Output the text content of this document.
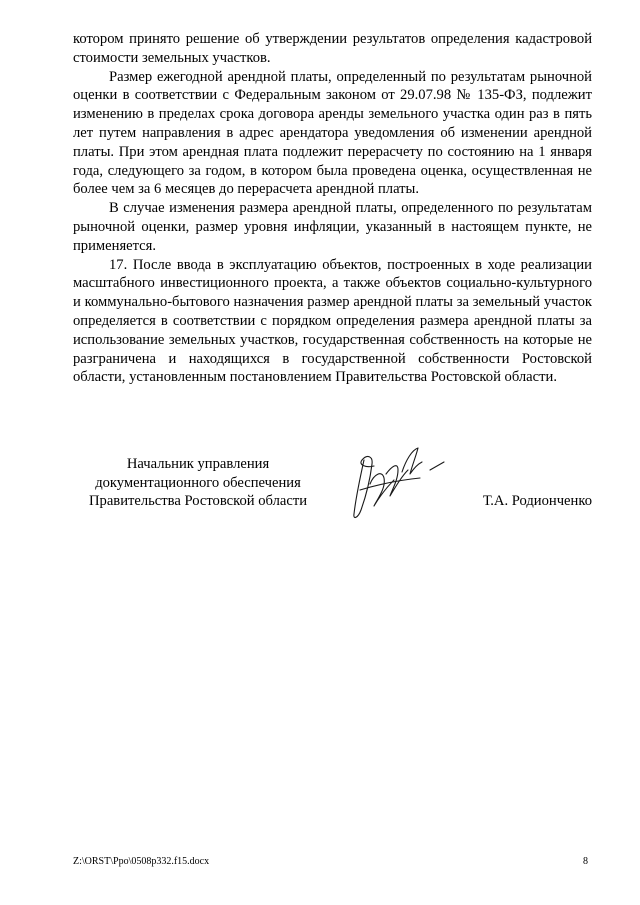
котором принято решение об утверждении результатов определения кадастровой стоимости земельных участков.

Размер ежегодной арендной платы, определенный по результатам рыночной оценки в соответствии с Федеральным законом от 29.07.98 № 135-ФЗ, подлежит изменению в пределах срока договора аренды земельного участка один раз в пять лет путем направления в адрес арендатора уведомления об изменении арендной платы. При этом арендная плата подлежит перерасчету по состоянию на 1 января года, следующего за годом, в котором была проведена оценка, осуществленная не более чем за 6 месяцев до перерасчета арендной платы.

В случае изменения размера арендной платы, определенного по результатам рыночной оценки, размер уровня инфляции, указанный в настоящем пункте, не применяется.

17. После ввода в эксплуатацию объектов, построенных в ходе реализации масштабного инвестиционного проекта, а также объектов социально-культурного и коммунально-бытового назначения размер арендной платы за земельный участок определяется в соответствии с порядком определения размера арендной платы за использование земельных участков, государственная собственность на которые не разграничена и находящихся в государственной собственности Ростовской области, установленным постановлением Правительства Ростовской области.

Начальник управления
документационного обеспечения
Правительства Ростовской области	Т.А. Родионченко
Z:\ORST\Ppo\0508p332.f15.docx	8
